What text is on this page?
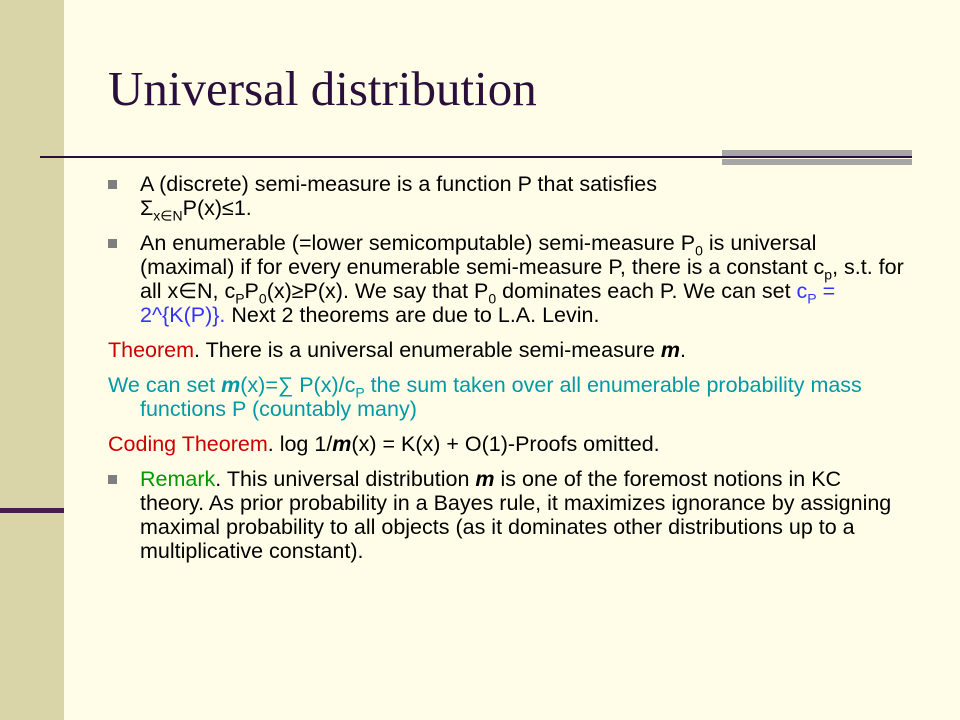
Universal distribution

A (discrete) semi-measure is a function P that satisfies
$\Sigma_{x\in N}P(x)\le 1$.

An enumerable (=lower semicomputable) semi-measure $P_0$ is universal (maximal) if for every enumerable semi-measure P, there is a constant $c_p$, s.t. for all x∈N, $c_PP_0(x)\ge P(x)$. We say that $P_0$ dominates each P. We can set $c_P$ = 2^{K(P)}. Next 2 theorems are due to L.A. Levin.

Theorem. There is a universal enumerable semi-measure m.

We can set m(x)=∑ $P(x)/c_P$ the sum taken over all enumerable probability mass functions P (countably many)

Coding Theorem. log 1/m(x) = K(x) + O(1)-Proofs omitted.

Remark. This universal distribution m is one of the foremost notions in KC theory. As prior probability in a Bayes rule, it maximizes ignorance by assigning maximal probability to all objects (as it dominates other distributions up to a multiplicative constant).
